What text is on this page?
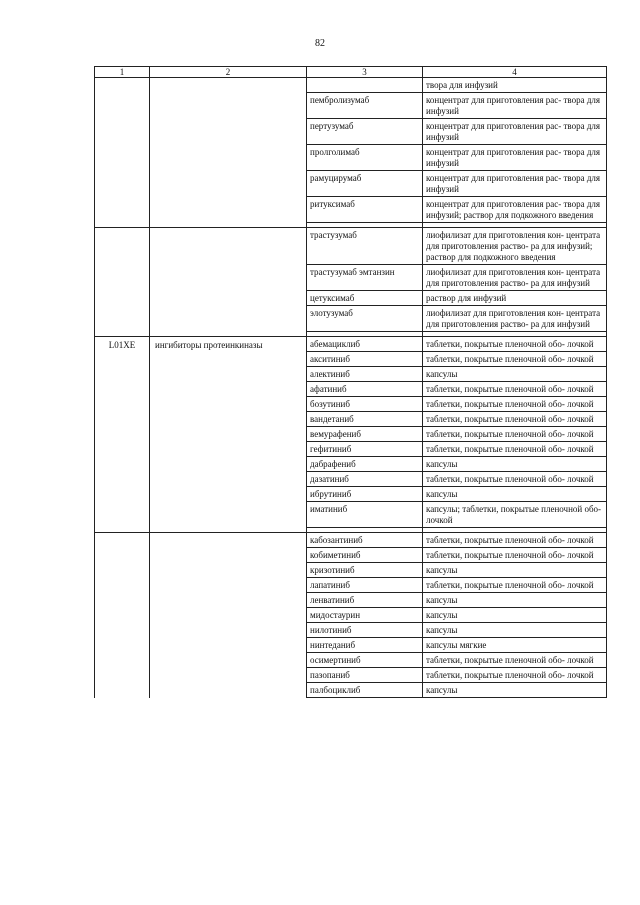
82
1	2	3	4
			твора для инфузий
		пембролизумаб	концентрат для приготовления рас- твора для инфузий
		пертузумаб	концентрат для приготовления рас- твора для инфузий
		пролголимаб	концентрат для приготовления рас- твора для инфузий
		рамуцирумаб	концентрат для приготовления рас- твора для инфузий
		ритуксимаб	концентрат для приготовления рас- твора для инфузий; раствор для подкожного введения

		трастузумаб	лиофилизат для приготовления кон- центрата для приготовления раство- ра для инфузий; раствор для подкожного введения
		трастузумаб эмтанзин	лиофилизат для приготовления кон- центрата для приготовления раство- ра для инфузий
		цетуксимаб	раствор для инфузий
		элотузумаб	лиофилизат для приготовления кон- центрата для приготовления раство- ра для инфузий

L01XE	ингибиторы протеинкиназы	абемациклиб	таблетки, покрытые пленочной обо- лочкой
		акситиниб	таблетки, покрытые пленочной обо- лочкой
		алектиниб	капсулы
		афатиниб	таблетки, покрытые пленочной обо- лочкой
		бозутиниб	таблетки, покрытые пленочной обо- лочкой
		вандетаниб	таблетки, покрытые пленочной обо- лочкой
		вемурафениб	таблетки, покрытые пленочной обо- лочкой
		гефитиниб	таблетки, покрытые пленочной обо- лочкой
		дабрафениб	капсулы
		дазатиниб	таблетки, покрытые пленочной обо- лочкой
		ибрутиниб	капсулы
		иматиниб	капсулы; таблетки, покрытые пленочной обо- лочкой

		кабозантиниб	таблетки, покрытые пленочной обо- лочкой
		кобиметиниб	таблетки, покрытые пленочной обо- лочкой
		кризотиниб	капсулы
		лапатиниб	таблетки, покрытые пленочной обо- лочкой
		ленватиниб	капсулы
		мидостаурин	капсулы
		нилотиниб	капсулы
		нинтеданиб	капсулы мягкие
		осимертиниб	таблетки, покрытые пленочной обо- лочкой
		пазопаниб	таблетки, покрытые пленочной обо- лочкой
		палбоциклиб	капсулы
